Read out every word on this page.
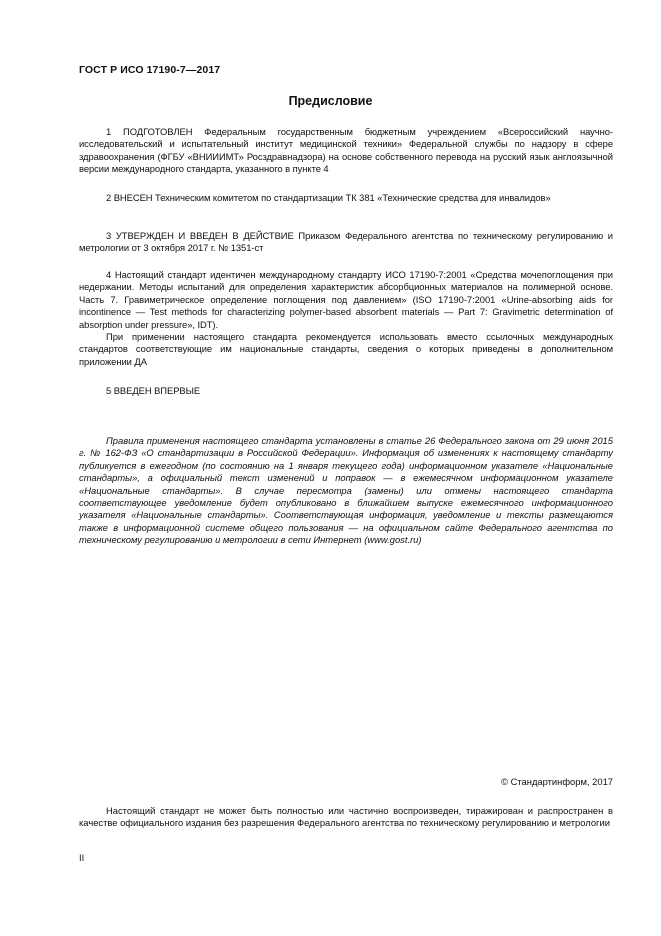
ГОСТ Р ИСО 17190-7—2017
Предисловие

1 ПОДГОТОВЛЕН Федеральным государственным бюджетным учреждением «Всероссийский научно-исследовательский и испытательный институт медицинской техники» Федеральной службы по надзору в сфере здравоохранения (ФГБУ «ВНИИИМТ» Росздравнадзора) на основе собственного перевода на русский язык англоязычной версии международного стандарта, указанного в пункте 4

2 ВНЕСЕН Техническим комитетом по стандартизации ТК 381 «Технические средства для инвалидов»

3 УТВЕРЖДЕН И ВВЕДЕН В ДЕЙСТВИЕ Приказом Федерального агентства по техническому регулированию и метрологии от 3 октября 2017 г. № 1351-ст

4 Настоящий стандарт идентичен международному стандарту ИСО 17190-7:2001 «Средства мочепоглощения при недержании. Методы испытаний для определения характеристик абсорбционных материалов на полимерной основе. Часть 7. Гравиметрическое определение поглощения под давлением» (ISO 17190-7:2001 «Urine-absorbing aids for incontinence — Test methods for characterizing polymer-based absorbent materials — Part 7: Gravimetric determination of absorption under pressure», IDT).

При применении настоящего стандарта рекомендуется использовать вместо ссылочных международных стандартов соответствующие им национальные стандарты, сведения о которых приведены в дополнительном приложении ДА

5 ВВЕДЕН ВПЕРВЫЕ

Правила применения настоящего стандарта установлены в статье 26 Федерального закона от 29 июня 2015 г. № 162-ФЗ «О стандартизации в Российской Федерации». Информация об изменениях к настоящему стандарту публикуется в ежегодном (по состоянию на 1 января текущего года) информационном указателе «Национальные стандарты», а официальный текст изменений и поправок — в ежемесячном информационном указателе «Национальные стандарты». В случае пересмотра (замены) или отмены настоящего стандарта соответствующее уведомление будет опубликовано в ближайшем выпуске ежемесячного информационного указателя «Национальные стандарты». Соответствующая информация, уведомление и тексты размещаются также в информационной системе общего пользования — на официальном сайте Федерального агентства по техническому регулированию и метрологии в сети Интернет (www.gost.ru)

© Стандартинформ, 2017

Настоящий стандарт не может быть полностью или частично воспроизведен, тиражирован и распространен в качестве официального издания без разрешения Федерального агентства по техническому регулированию и метрологии

II
